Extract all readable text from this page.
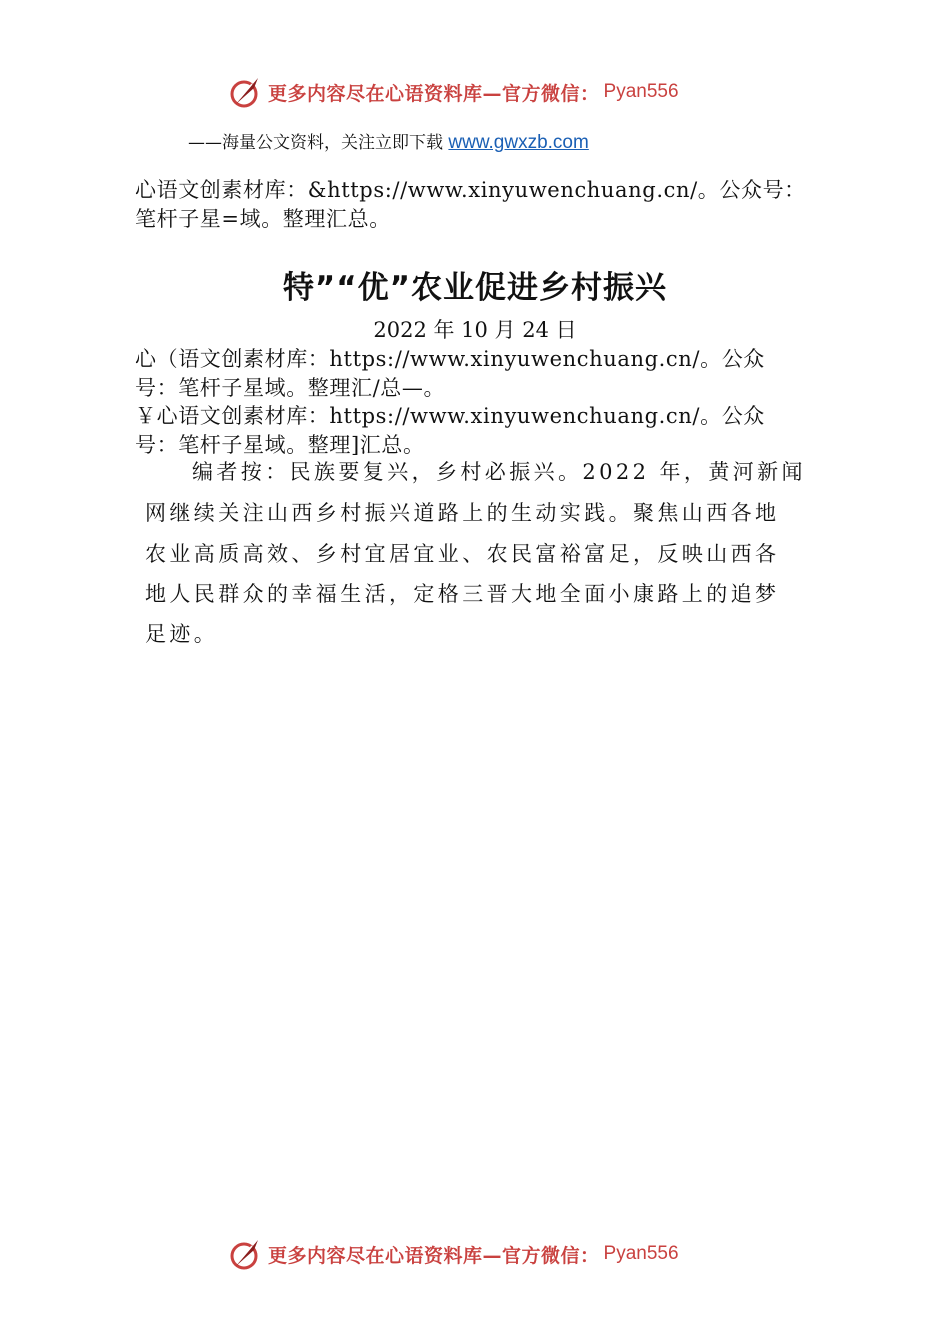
更多内容尽在心语资料库—官方微信： Pyan556
——海量公文资料，关注立即下载 www.gwxzb.com
心语文创素材库：&https://www.xinyuwenchuang.cn/。公众号：
笔杆子星=域。整理汇总。
特”“优”农业促进乡村振兴
2022 年 10 月 24 日
心（语文创素材库：https://www.xinyuwenchuang.cn/。公众
号：笔杆子星域。整理汇/总—。
￥心语文创素材库：https://www.xinyuwenchuang.cn/。公众
号：笔杆子星域。整理]汇总。
编者按：民族要复兴，乡村必振兴。2022 年，黄河新闻
网继续关注山西乡村振兴道路上的生动实践。聚焦山西各地
农业高质高效、乡村宜居宜业、农民富裕富足，反映山西各
地人民群众的幸福生活，定格三晋大地全面小康路上的追梦
足迹。
更多内容尽在心语资料库—官方微信： Pyan556
